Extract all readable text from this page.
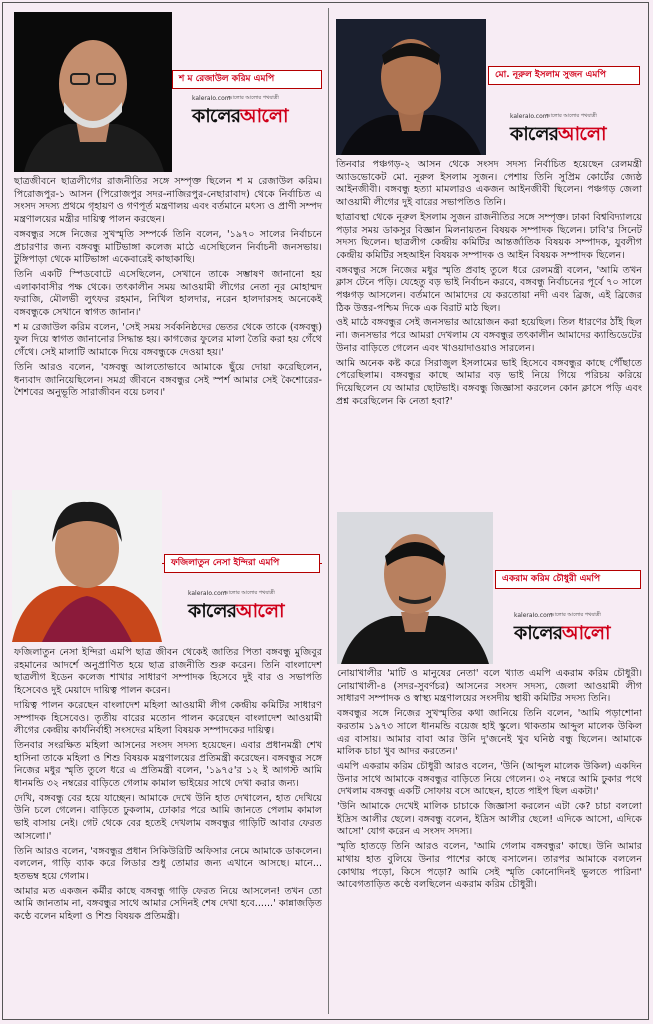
শ ম রেজাউল করিম এমপি
kaleraIo.com
আলোর আলোর পথযাত্রী
কালেরআলো

ছাত্রজীবনে ছাত্রলীগের রাজনীতির সঙ্গে সম্পৃক্ত ছিলেন শ ম রেজাউল করিম। পিরোজপুর-১ আসন (পিরোজপুর সদর-নাজিরপুর-নেছারাবাদ) থেকে নির্বাচিত এ সংসদ সদস্য প্রথমে গৃহায়ণ ও গণপূর্ত মন্ত্রণালয় এবং বর্তমানে মৎস্য ও প্রাণী সম্পদ মন্ত্রণালয়ের মন্ত্রীর দায়িত্ব পালন করছেন।

বঙ্গবন্ধুর সঙ্গে নিজের সুখস্মৃতি সম্পর্কে তিনি বলেন, '১৯৭০ সালের নির্বাচনে প্রচারণার জন্য বঙ্গবন্ধু মাটিভাঙ্গা কলেজ মাঠে এসেছিলেন নির্বাচনী জনসভায়। টুঙ্গিপাড়া থেকে মাটিভাঙ্গা একেবারেই কাছাকাছি।

তিনি একটি স্পিডবোটে এসেছিলেন, সেখানে তাকে সম্ভাষণ জানানো হয় এলাকাবাসীর পক্ষ থেকে। তৎকালীন সময় আওয়ামী লীগের নেতা নূর মোহাম্মদ ফরাজি, মৌলভী লুৎফর রহমান, নিখিল হালদার, নরেন হালদারসহ অনেকেই বঙ্গবন্ধুকে সেখানে স্বাগত জানান।'

শ ম রেজাউল করিম বলেন, 'সেই সময় সর্বকনিষ্ঠদের ভেতর থেকে তাকে (বঙ্গবন্ধু) ফুল দিয়ে স্বাগত জানানোর সিদ্ধান্ত হয়। কাগজের ফুলের মালা তৈরি করা হয় গেঁথে গেঁথে। সেই মালাটি আমাকে দিয়ে বঙ্গবন্ধুকে দেওয়া হয়।'

তিনি আরও বলেন, 'বঙ্গবন্ধু আলতোভাবে আমাকে ছুঁয়ে দোয়া করেছিলেন, ধন্যবাদ জানিয়েছিলেন। সমগ্র জীবনে বঙ্গবন্ধুর সেই স্পর্শ আমার সেই কৈশোরের-শৈশবের অনুভূতি সারাজীবন বয়ে চলব।'

মো. নূরুল ইসলাম সুজন এমপি
kaleraIo.com
আলোর আলোর পথযাত্রী
কালেরআলো

তিনবার পঞ্চগড়-২ আসন থেকে সংসদ সদস্য নির্বাচিত হয়েছেন রেলমন্ত্রী অ্যাডভোকেট মো. নূরুল ইসলাম সুজন। পেশায় তিনি সুপ্রিম কোর্টের জ্যেষ্ঠ আইনজীবী। বঙ্গবন্ধু হত্যা মামলারও একজন আইনজীবী ছিলেন। পঞ্চগড় জেলা আওয়ামী লীগের দুই বারের সভাপতিও তিনি।

ছাত্রাবস্থা থেকে নূরুল ইসলাম সুজন রাজনীতির সঙ্গে সম্পৃক্ত। ঢাকা বিশ্ববিদ্যালয়ে পড়ার সময় ডাকসুর বিজ্ঞান মিলনায়তন বিষয়ক সম্পাদক ছিলেন। ঢাবি'র সিনেট সদস্য ছিলেন। ছাত্রলীগ কেন্দ্রীয় কমিটির আন্তর্জাতিক বিষয়ক সম্পাদক, যুবলীগ কেন্দ্রীয় কমিটির সহআইন বিষয়ক সম্পাদক ও আইন বিষয়ক সম্পাদক ছিলেন।

বঙ্গবন্ধুর সঙ্গে নিজের মধুর স্মৃতি প্রবাহ তুলে ধরে রেলমন্ত্রী বলেন, 'আমি তখন ক্লাস টেনে পড়ি। যেহেতু বড় ভাই নির্বাচন করবে, বঙ্গবন্ধু নির্বাচনের পূর্বে ৭০ সালে পঞ্চগড় আসলেন। বর্তমানে আমাদের যে করতোয়া নদী এবং ব্রিজ, এই ব্রিজের ঠিক উত্তর-পশ্চিম দিকে এক বিরাট মাঠ ছিল।

ওই মাঠে বঙ্গবন্ধুর সেই জনসভার আয়োজন করা হয়েছিল। তিল ধারণের ঠাঁই ছিল না। জনসভার পরে আমরা দেখলাম যে বঙ্গবন্ধুর তৎকালীন আমাদের ক্যান্ডিডেটের উনার বাড়িতে গেলেন এবং খাওয়াদাওয়াও সারলেন।

আমি অনেক কষ্ট করে সিরাজুল ইসলামের ভাই হিসেবে বঙ্গবন্ধুর কাছে পৌঁছাতে পেরেছিলাম। বঙ্গবন্ধুর কাছে আমার বড় ভাই নিয়ে গিয়ে পরিচয় করিয়ে দিয়েছিলেন যে আমার ছোটভাই। বঙ্গবন্ধু জিজ্ঞাসা করলেন কোন ক্লাসে পড়ি এবং প্রশ্ন করেছিলেন কি নেতা হবা?'

ফজিলাতুন নেসা ইন্দিরা এমপি
kaleraIo.com
আলোর আলোর পথযাত্রী
কালেরআলো

ফজিলাতুন নেসা ইন্দিরা এমপি ছাত্র জীবন থেকেই জাতির পিতা বঙ্গবন্ধু মুজিবুর রহমানের আদর্শে অনুপ্রাণিত হয়ে ছাত্র রাজনীতি শুরু করেন। তিনি বাংলাদেশ ছাত্রলীগ ইডেন কলেজ শাখার সাধারণ সম্পাদক হিসেবে দুই বার ও সভাপতি হিসেবেও দুই মেয়াদে দায়িত্ব পালন করেন।

দায়িত্ব পালন করেছেন বাংলাদেশ মহিলা আওয়ামী লীগ কেন্দ্রীয় কমিটির সাধারণ সম্পাদক হিসেবেও। তৃতীয় বারের মতোন পালন করেছেন বাংলাদেশ আওয়ামী লীগের কেন্দ্রীয় কার্যনির্বাহী সংসদের মহিলা বিষয়ক সম্পাদকের দায়িত্ব।

তিনবার সংরক্ষিত মহিলা আসনের সংসদ সদস্য হয়েছেন। এবার প্রধানমন্ত্রী শেখ হাসিনা তাকে মহিলা ও শিশু বিষয়ক মন্ত্রণালয়ের প্রতিমন্ত্রী করেছেন। বঙ্গবন্ধুর সঙ্গে নিজের মধুর স্মৃতি তুলে ধরে এ প্রতিমন্ত্রী বলেন, '১৯৭৫'র ১২ ই আগস্ট আমি ধানমন্ডি ৩২ নম্বরের বাড়িতে গেলাম কামাল ভাইয়ের সাথে দেখা করার জন্য।

দেখি, বঙ্গবন্ধু বের হয়ে যাচ্ছেন। আমাকে দেখে উনি হাত দেখালেন, হাত দেখিয়ে উনি চলে গেলেন। বাড়িতে ঢুকলাম, ঢোকার পরে আমি জানতে পেলাম কামাল ভাই বাসায় নেই। গেট থেকে বের হতেই দেখলাম বঙ্গবন্ধুর গাড়িটি আবার ফেরত আসলো।'

তিনি আরও বলেন, 'বঙ্গবন্ধুর প্রধান সিকিউরিটি অফিসার নেমে আমাকে ডাকলেন। বললেন, গাড়ি ব্যাক করে লিডার শুধু তোমার জন্য এখানে আসছে। মানে... হতভম্ব হয়ে গেলাম।

আমার মত একজন কর্মীর কাছে বঙ্গবন্ধু গাড়ি ফেরত নিয়ে আসলেন! তখন তো আমি জানতাম না, বঙ্গবন্ধুর সাথে আমার সেদিনই শেষ দেখা হবে......' কান্নাজড়িত কণ্ঠে বলেন মহিলা ও শিশু বিষয়ক প্রতিমন্ত্রী।

একরাম করিম চৌধুরী এমপি
kaleraIo.com
আলোর আলোর পথযাত্রী
কালেরআলো

নোয়াখালীর 'মাটি ও মানুষের নেতা' বলে খ্যাত এমপি একরাম করিম চৌধুরী। নোয়াখালী-৪ (সদর-সুবর্ণচর) আসনের সংসদ সদস্য, জেলা আওয়ামী লীগ সাধারণ সম্পাদক ও স্বাস্থ্য মন্ত্রণালয়ের সংসদীয় স্থায়ী কমিটির সদস্য তিনি।

বঙ্গবন্ধুর সঙ্গে নিজের সুখস্মৃতির কথা জানিয়ে তিনি বলেন, 'আমি পড়াশোনা করতাম ১৯৭৩ সালে ধানমন্ডি বয়েজ হাই স্কুলে। থাকতাম আব্দুল মালেক উকিল এর বাসায়। আমার বাবা আর উনি দু'জনেই খুব ঘনিষ্ঠ বন্ধু ছিলেন। আমাকে মালিক চাচা খুব আদর করতেন।'

এমপি একরাম করিম চৌধুরী আরও বলেন, 'উনি (আব্দুল মালেক উকিল) একদিন উনার সাথে আমাকে বঙ্গবন্ধুর বাড়িতে নিয়ে গেলেন। ৩২ নম্বরে আমি ঢুকার পথে দেখলাম বঙ্গবন্ধু একটি সোফায় বসে আছেন, হাতে পাইপ ছিল একটা।'

'উনি আমাকে দেখেই মালিক চাচাকে জিজ্ঞাসা করলেন এটা কে? চাচা বললো ইদ্রিস আলীর ছেলে। বঙ্গবন্ধু বলেন, ইদ্রিস আলীর ছেলে! এদিকে আসো, এদিকে আসো' যোগ করেন এ সংসদ সদস্য।

স্মৃতি হাতড়ে তিনি আরও বলেন, 'আমি গেলাম বঙ্গবন্ধুর' কাছে। উনি আমার মাথায় হাত বুলিয়ে উনার পাশের কাছে বসালেন। তারপর আমাকে বললেন কোথায় পড়ো, কিসে পড়ো? আমি সেই স্মৃতি কোনোদিনই ভুলতে পারিনা' আবেগতাড়িত কণ্ঠে বলছিলেন একরাম করিম চৌধুরী।
